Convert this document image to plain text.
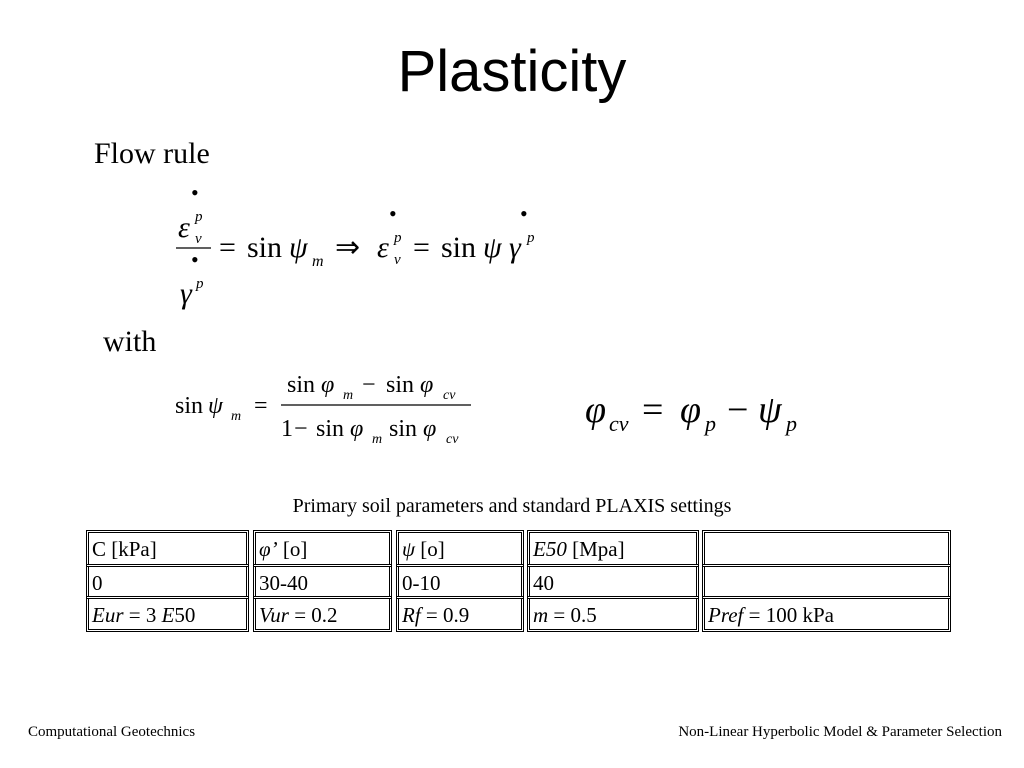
Plasticity
Flow rule
with
•
ε v
p
•
γ p
= sin ψ m ⇒
•
ε v
p = sin ψ
•
γ p
sin ψ m =
sin φ m − sin φ cv
1 − sin φ m sin φ cv
φ cv = φ p − ψ p
Primary soil parameters and standard PLAXIS settings
C [kPa]	φ’ [o]	ψ [o]	E50 [Mpa]
0	30-40	0-10	40
Eur = 3 E50	Vur = 0.2	Rf = 0.9	m = 0.5	Pref = 100 kPa
Computational Geotechnics	Non-Linear Hyperbolic Model & Parameter Selection
